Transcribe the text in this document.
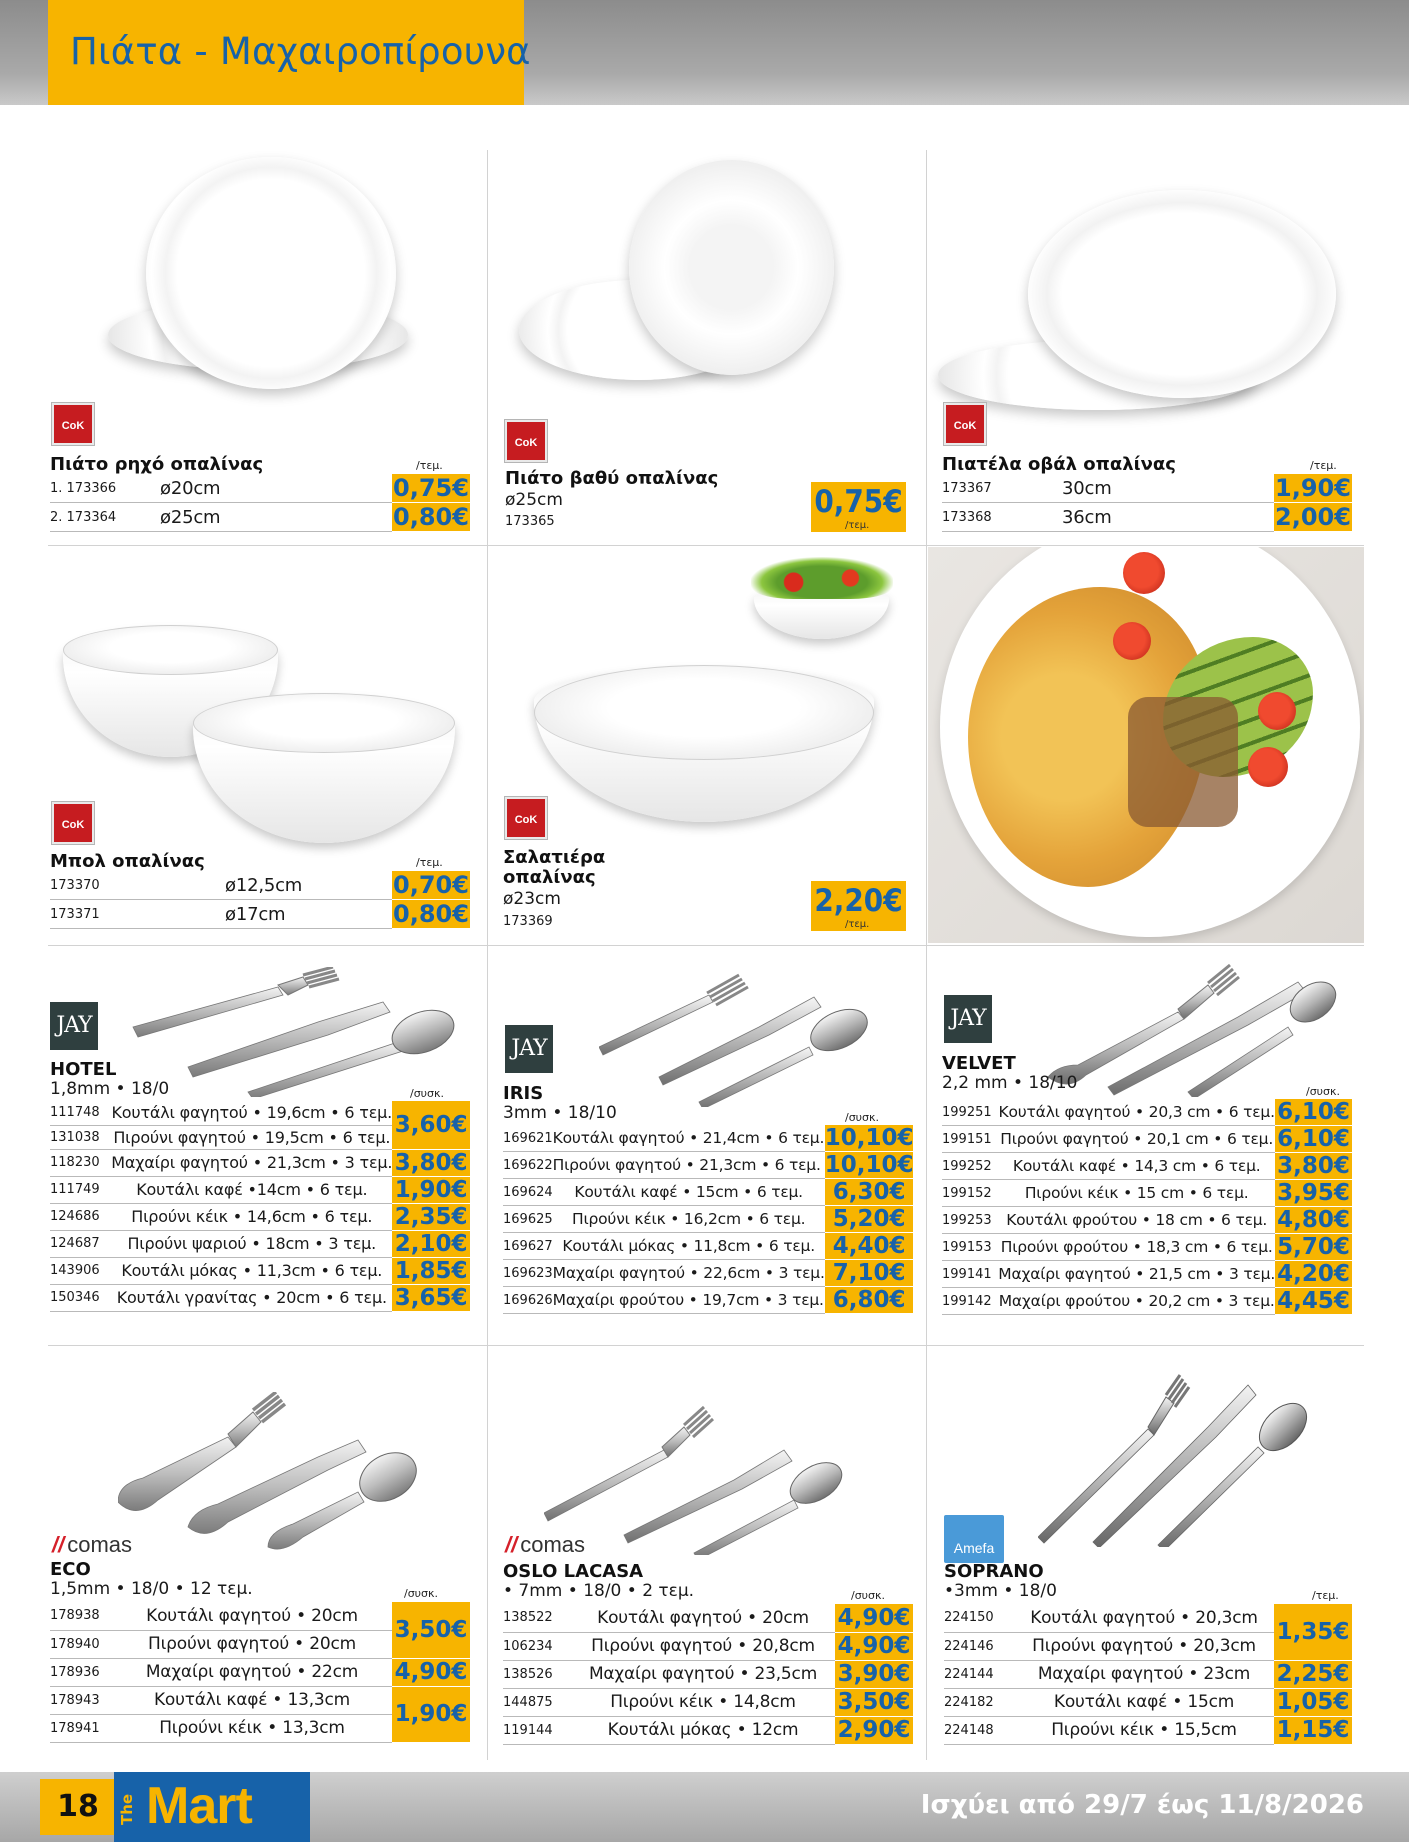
Πιάτα - Μαχαιροπίρουνα
CoK
Πιάτο ρηχό οπαλίνας	/τεμ.
1. 173366	ø20cm	0,75€
2. 173364	ø25cm	0,80€
CoK
Πιάτο βαθύ οπαλίνας
ø25cm
173365
0,75€
/τεμ.
CoK
Πιατέλα οβάλ οπαλίνας	/τεμ.
173367	30cm	1,90€
173368	36cm	2,00€
CoK
Μπολ οπαλίνας	/τεμ.
173370	ø12,5cm	0,70€
173371	ø17cm	0,80€
CoK
Σαλατιέρα
οπαλίνας
ø23cm
173369
2,20€
/τεμ.
JAY
HOTEL
1,8mm • 18/0	/συσκ.
111748	Κουτάλι φαγητού • 19,6cm • 6 τεμ.	3,60€
131038	Πιρούνι φαγητού • 19,5cm • 6 τεμ.	
118230	Μαχαίρι φαγητού • 21,3cm • 3 τεμ.	3,80€
111749	Κουτάλι καφέ •14cm • 6 τεμ.	1,90€
124686	Πιρούνι κέικ • 14,6cm • 6 τεμ.	2,35€
124687	Πιρούνι ψαριού • 18cm • 3 τεμ.	2,10€
143906	Κουτάλι μόκας • 11,3cm • 6 τεμ.	1,85€
150346	Κουτάλι γρανίτας • 20cm • 6 τεμ.	3,65€
JAY
IRIS
3mm • 18/10	/συσκ.
169621	Κουτάλι φαγητού • 21,4cm • 6 τεμ.	10,10€
169622	Πιρούνι φαγητού • 21,3cm • 6 τεμ.	10,10€
169624	Κουτάλι καφέ • 15cm • 6 τεμ.	6,30€
169625	Πιρούνι κέικ • 16,2cm • 6 τεμ.	5,20€
169627	Κουτάλι μόκας • 11,8cm • 6 τεμ.	4,40€
169623	Μαχαίρι φαγητού • 22,6cm • 3 τεμ.	7,10€
169626	Μαχαίρι φρούτου • 19,7cm • 3 τεμ.	6,80€
JAY
VELVET
2,2 mm • 18/10	/συσκ.
199251	Κουτάλι φαγητού • 20,3 cm • 6 τεμ.	6,10€
199151	Πιρούνι φαγητού • 20,1 cm • 6 τεμ.	6,10€
199252	Κουτάλι καφέ • 14,3 cm • 6 τεμ.	3,80€
199152	Πιρούνι κέικ • 15 cm • 6 τεμ.	3,95€
199253	Κουτάλι φρούτου • 18 cm • 6 τεμ.	4,80€
199153	Πιρούνι φρούτου • 18,3 cm • 6 τεμ.	5,70€
199141	Μαχαίρι φαγητού • 21,5 cm • 3 τεμ.	4,20€
199142	Μαχαίρι φρούτου • 20,2 cm • 3 τεμ.	4,45€
// comas
ECO
1,5mm • 18/0 • 12 τεμ.	/συσκ.
178938	Κουτάλι φαγητού • 20cm	3,50€
178940	Πιρούνι φαγητού • 20cm	
178936	Μαχαίρι φαγητού • 22cm	4,90€
178943	Κουτάλι καφέ • 13,3cm	1,90€
178941	Πιρούνι κέικ • 13,3cm	
// comas
OSLO LACASA
• 7mm • 18/0 • 2 τεμ.	/συσκ.
138522	Κουτάλι φαγητού • 20cm	4,90€
106234	Πιρούνι φαγητού • 20,8cm	4,90€
138526	Μαχαίρι φαγητού • 23,5cm	3,90€
144875	Πιρούνι κέικ • 14,8cm	3,50€
119144	Κουτάλι μόκας • 12cm	2,90€
Amefa
SOPRANO
•3mm • 18/0	/τεμ.
224150	Κουτάλι φαγητού • 20,3cm	1,35€
224146	Πιρούνι φαγητού • 20,3cm	
224144	Μαχαίρι φαγητού • 23cm	2,25€
224182	Κουτάλι καφέ • 15cm	1,05€
224148	Πιρούνι κέικ • 15,5cm	1,15€
18	The Mart	Ισχύει από 29/7 έως 11/8/2026
